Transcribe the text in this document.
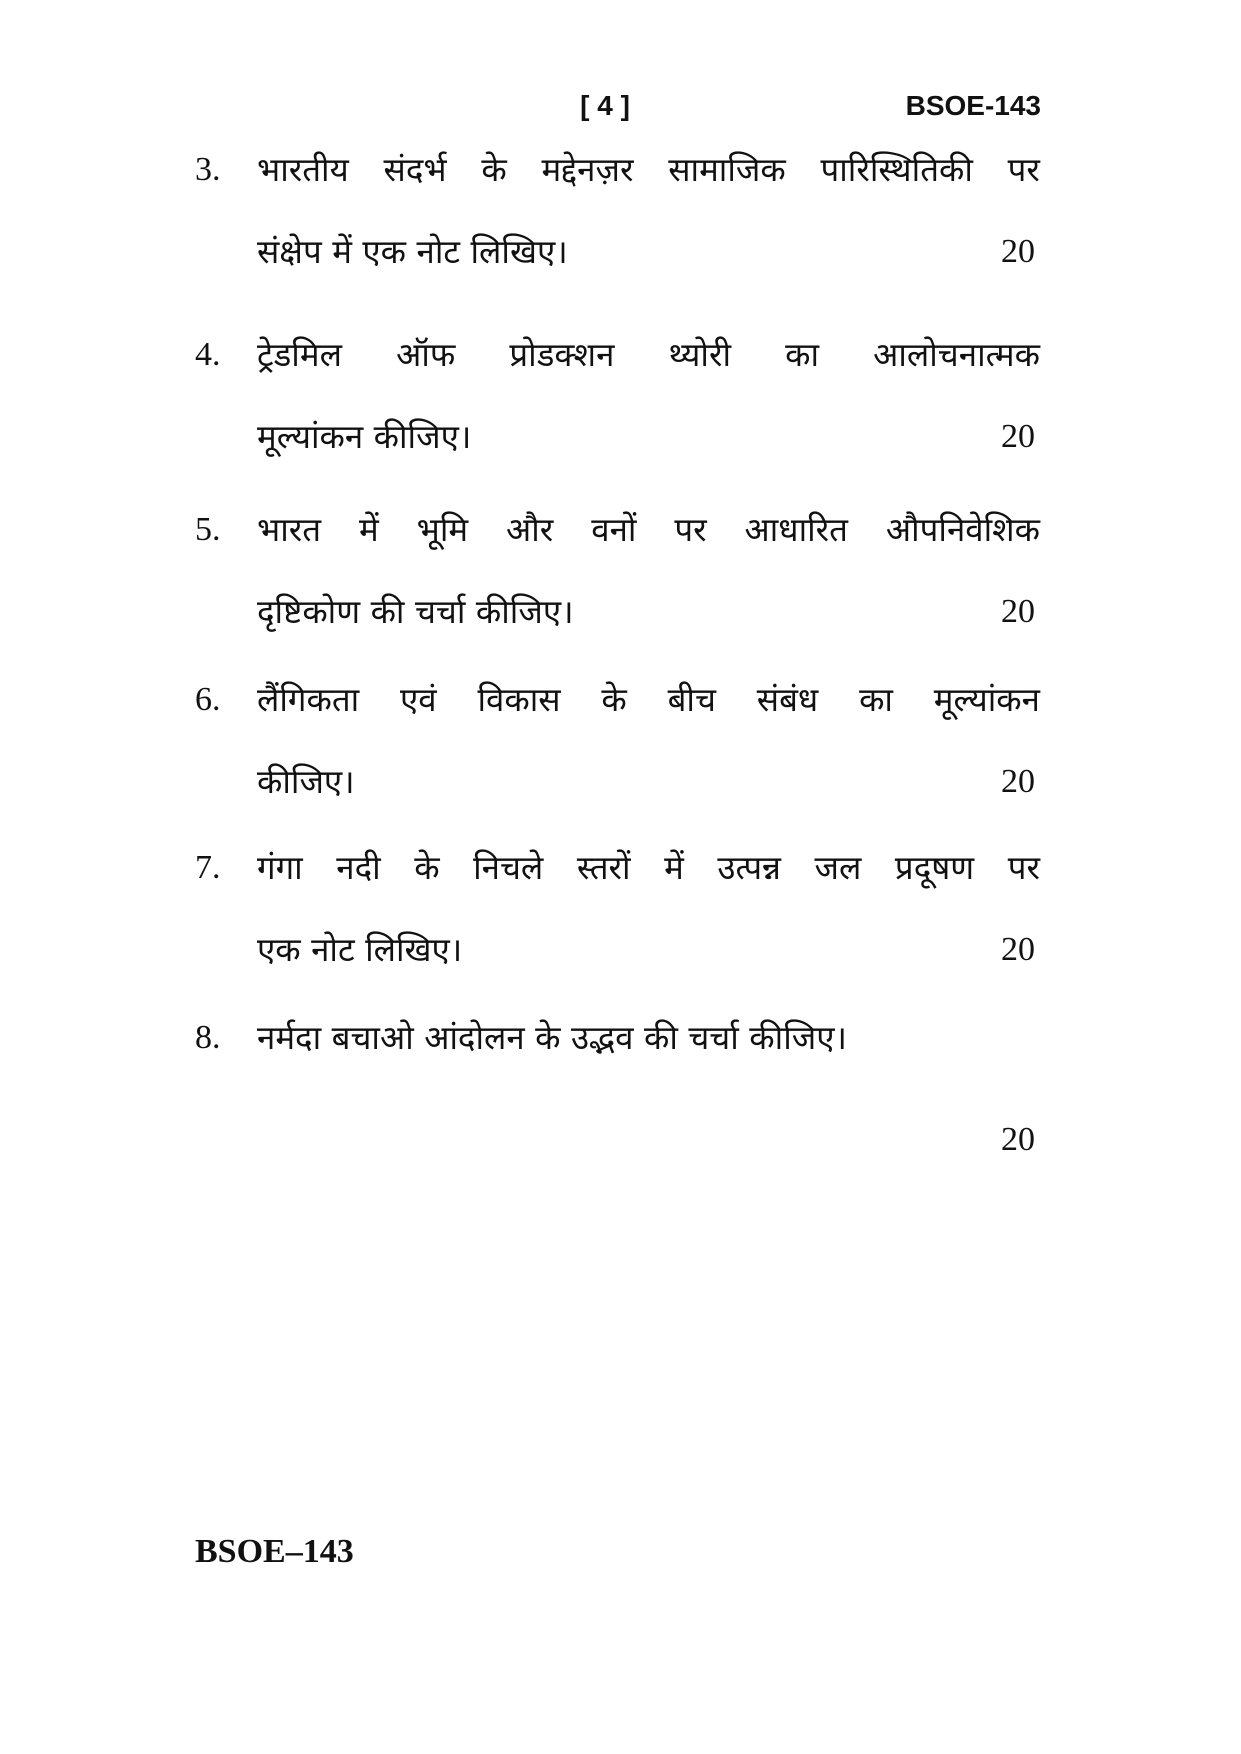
[ 4 ]	BSOE-143
3. भारतीय संदर्भ के मद्देनज़र सामाजिक पारिस्थितिकी पर
संक्षेप में एक नोट लिखिए।	20
4. ट्रेडमिल ऑफ प्रोडक्शन थ्योरी का आलोचनात्मक
मूल्यांकन कीजिए।	20
5. भारत में भूमि और वनों पर आधारित औपनिवेशिक
दृष्टिकोण की चर्चा कीजिए।	20
6. लैंगिकता एवं विकास के बीच संबंध का मूल्यांकन
कीजिए।	20
7. गंगा नदी के निचले स्तरों में उत्पन्न जल प्रदूषण पर
एक नोट लिखिए।	20
8. नर्मदा बचाओ आंदोलन के उद्भव की चर्चा कीजिए।
20
BSOE–143
